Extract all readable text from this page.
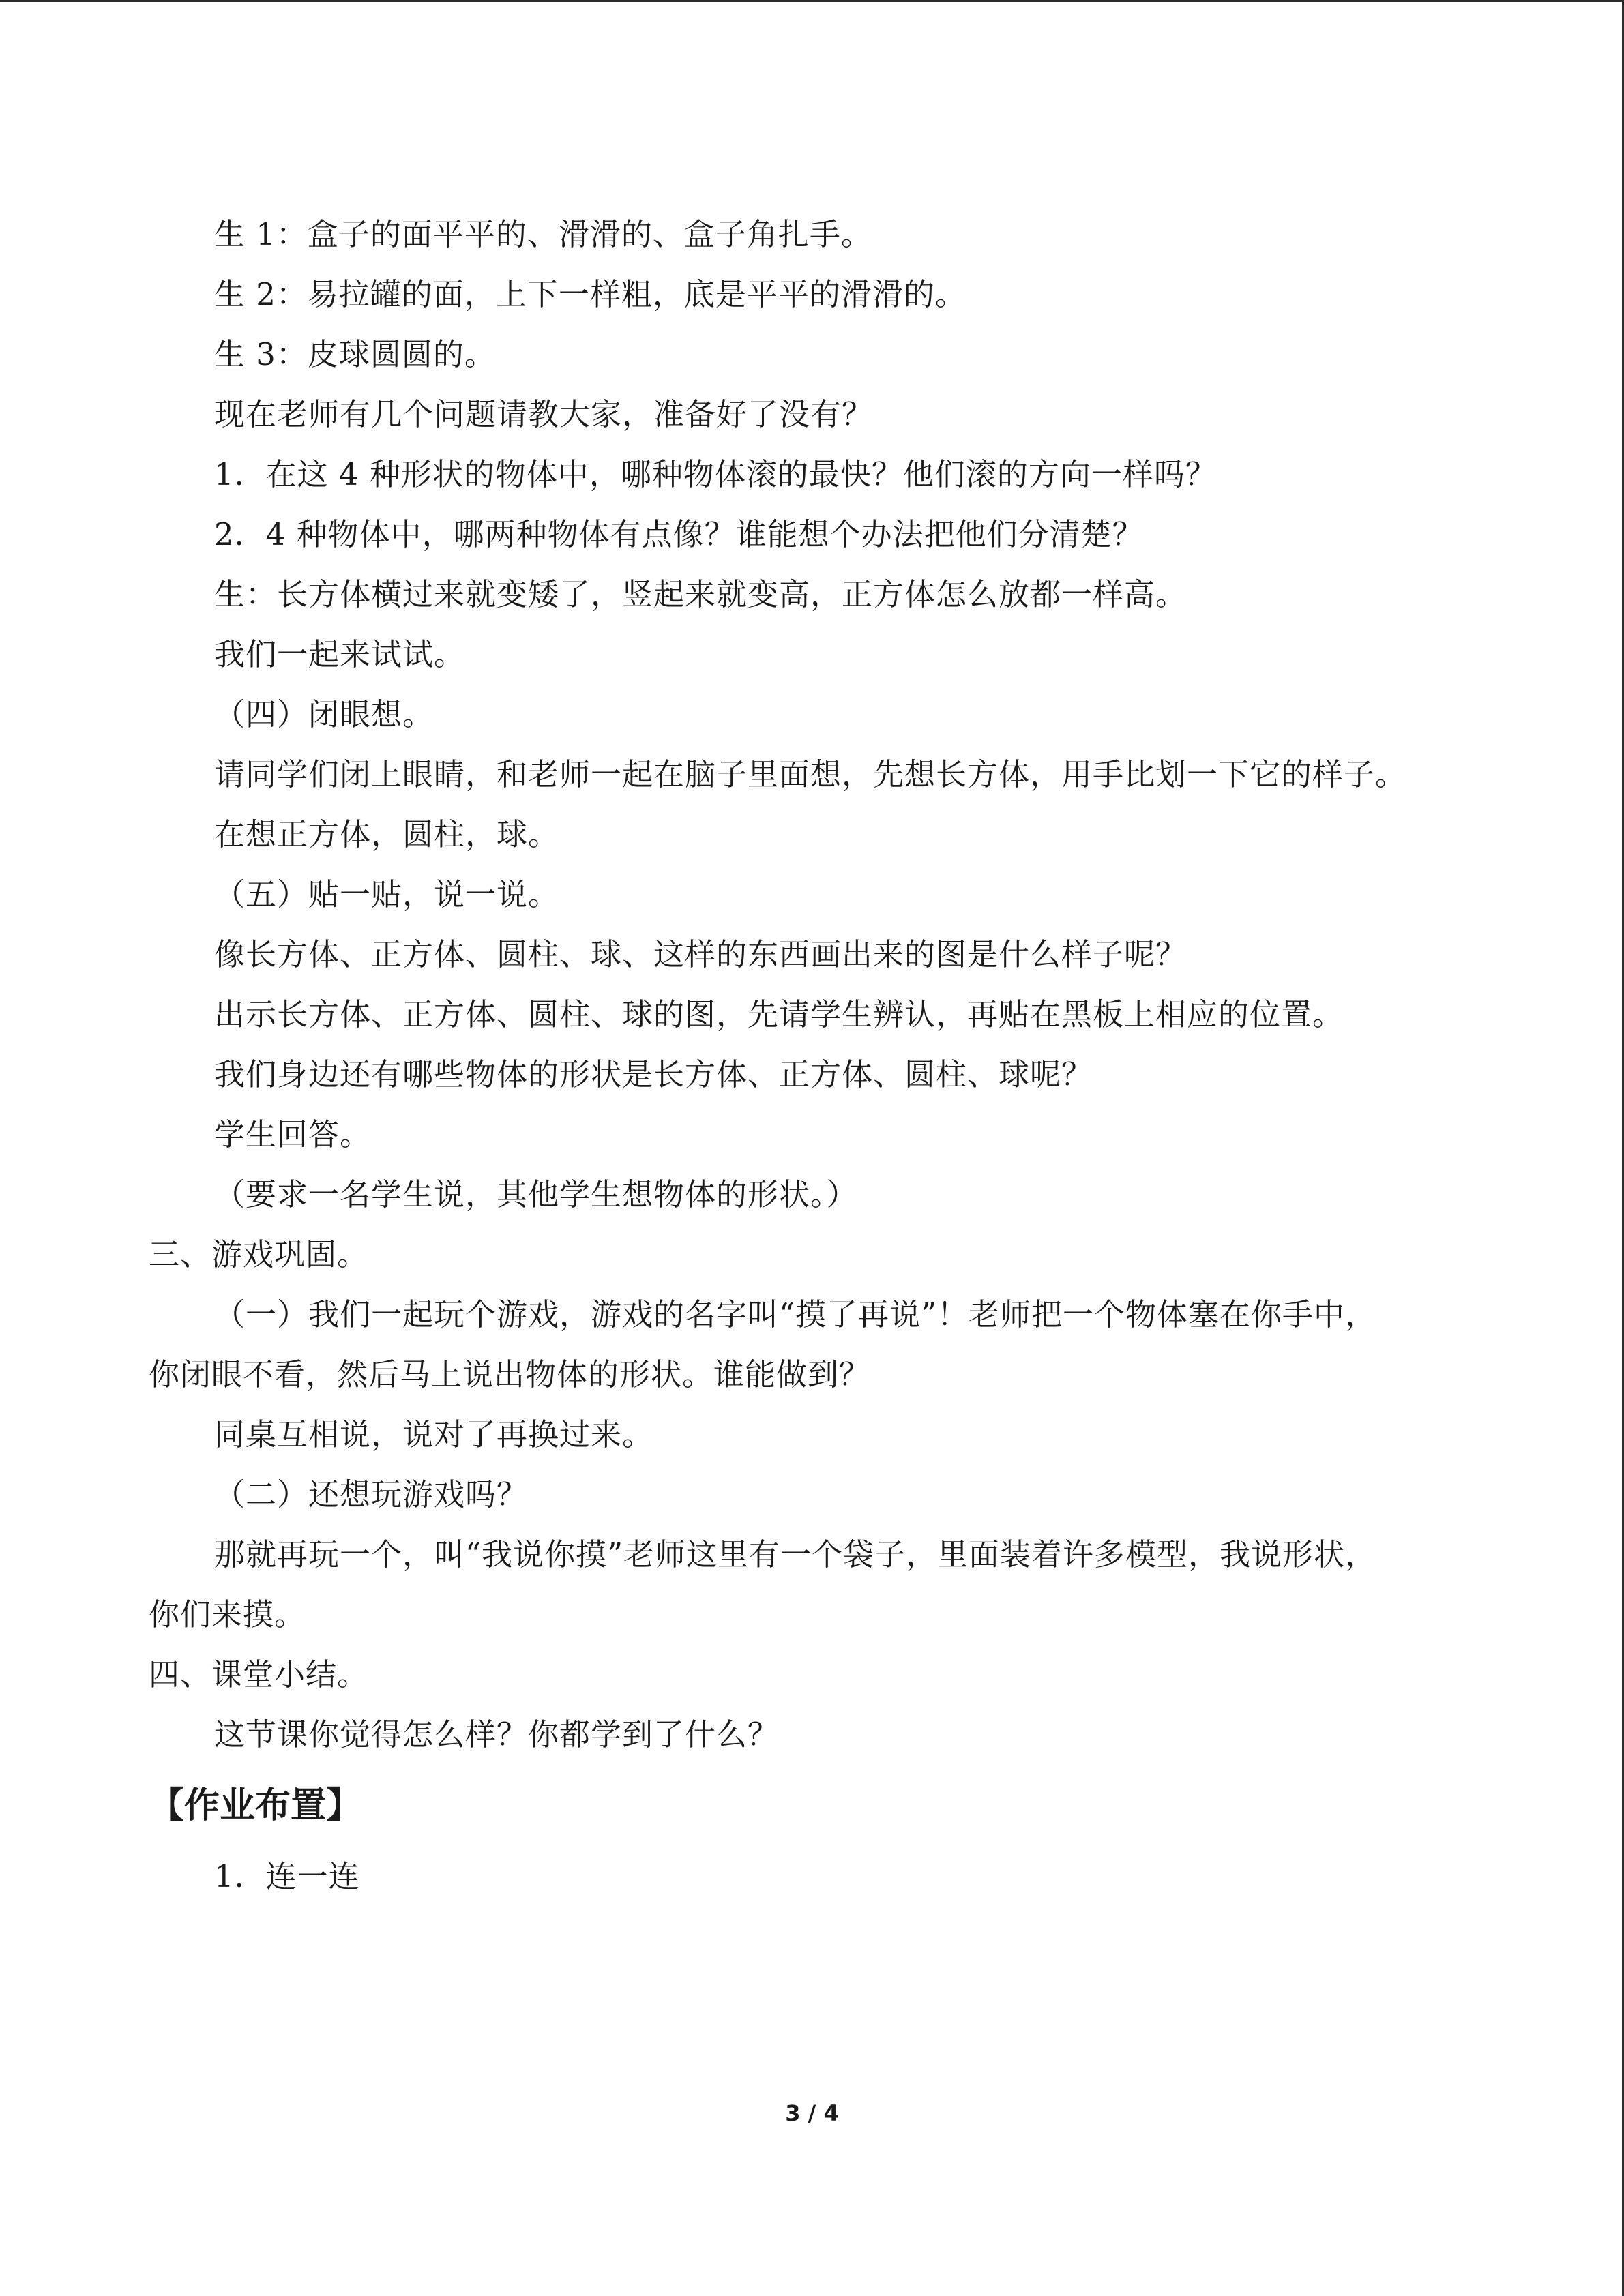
生 1：盒子的面平平的、滑滑的、盒子角扎手。
生 2：易拉罐的面，上下一样粗，底是平平的滑滑的。
生 3：皮球圆圆的。
现在老师有几个问题请教大家，准备好了没有？
1．在这 4 种形状的物体中，哪种物体滚的最快？他们滚的方向一样吗？
2．4 种物体中，哪两种物体有点像？谁能想个办法把他们分清楚？
生：长方体横过来就变矮了，竖起来就变高，正方体怎么放都一样高。
我们一起来试试。
（四）闭眼想。
请同学们闭上眼睛，和老师一起在脑子里面想，先想长方体，用手比划一下它的样子。
在想正方体，圆柱，球。
（五）贴一贴，说一说。
像长方体、正方体、圆柱、球、这样的东西画出来的图是什么样子呢？
出示长方体、正方体、圆柱、球的图，先请学生辨认，再贴在黑板上相应的位置。
我们身边还有哪些物体的形状是长方体、正方体、圆柱、球呢？
学生回答。
（要求一名学生说，其他学生想物体的形状。）
三、游戏巩固。
（一）我们一起玩个游戏，游戏的名字叫“摸了再说”！老师把一个物体塞在你手中，
你闭眼不看，然后马上说出物体的形状。谁能做到？
同桌互相说，说对了再换过来。
（二）还想玩游戏吗？
那就再玩一个，叫“我说你摸”老师这里有一个袋子，里面装着许多模型，我说形状，
你们来摸。
四、课堂小结。
这节课你觉得怎么样？你都学到了什么？
【作业布置】
1．连一连
3 / 4
